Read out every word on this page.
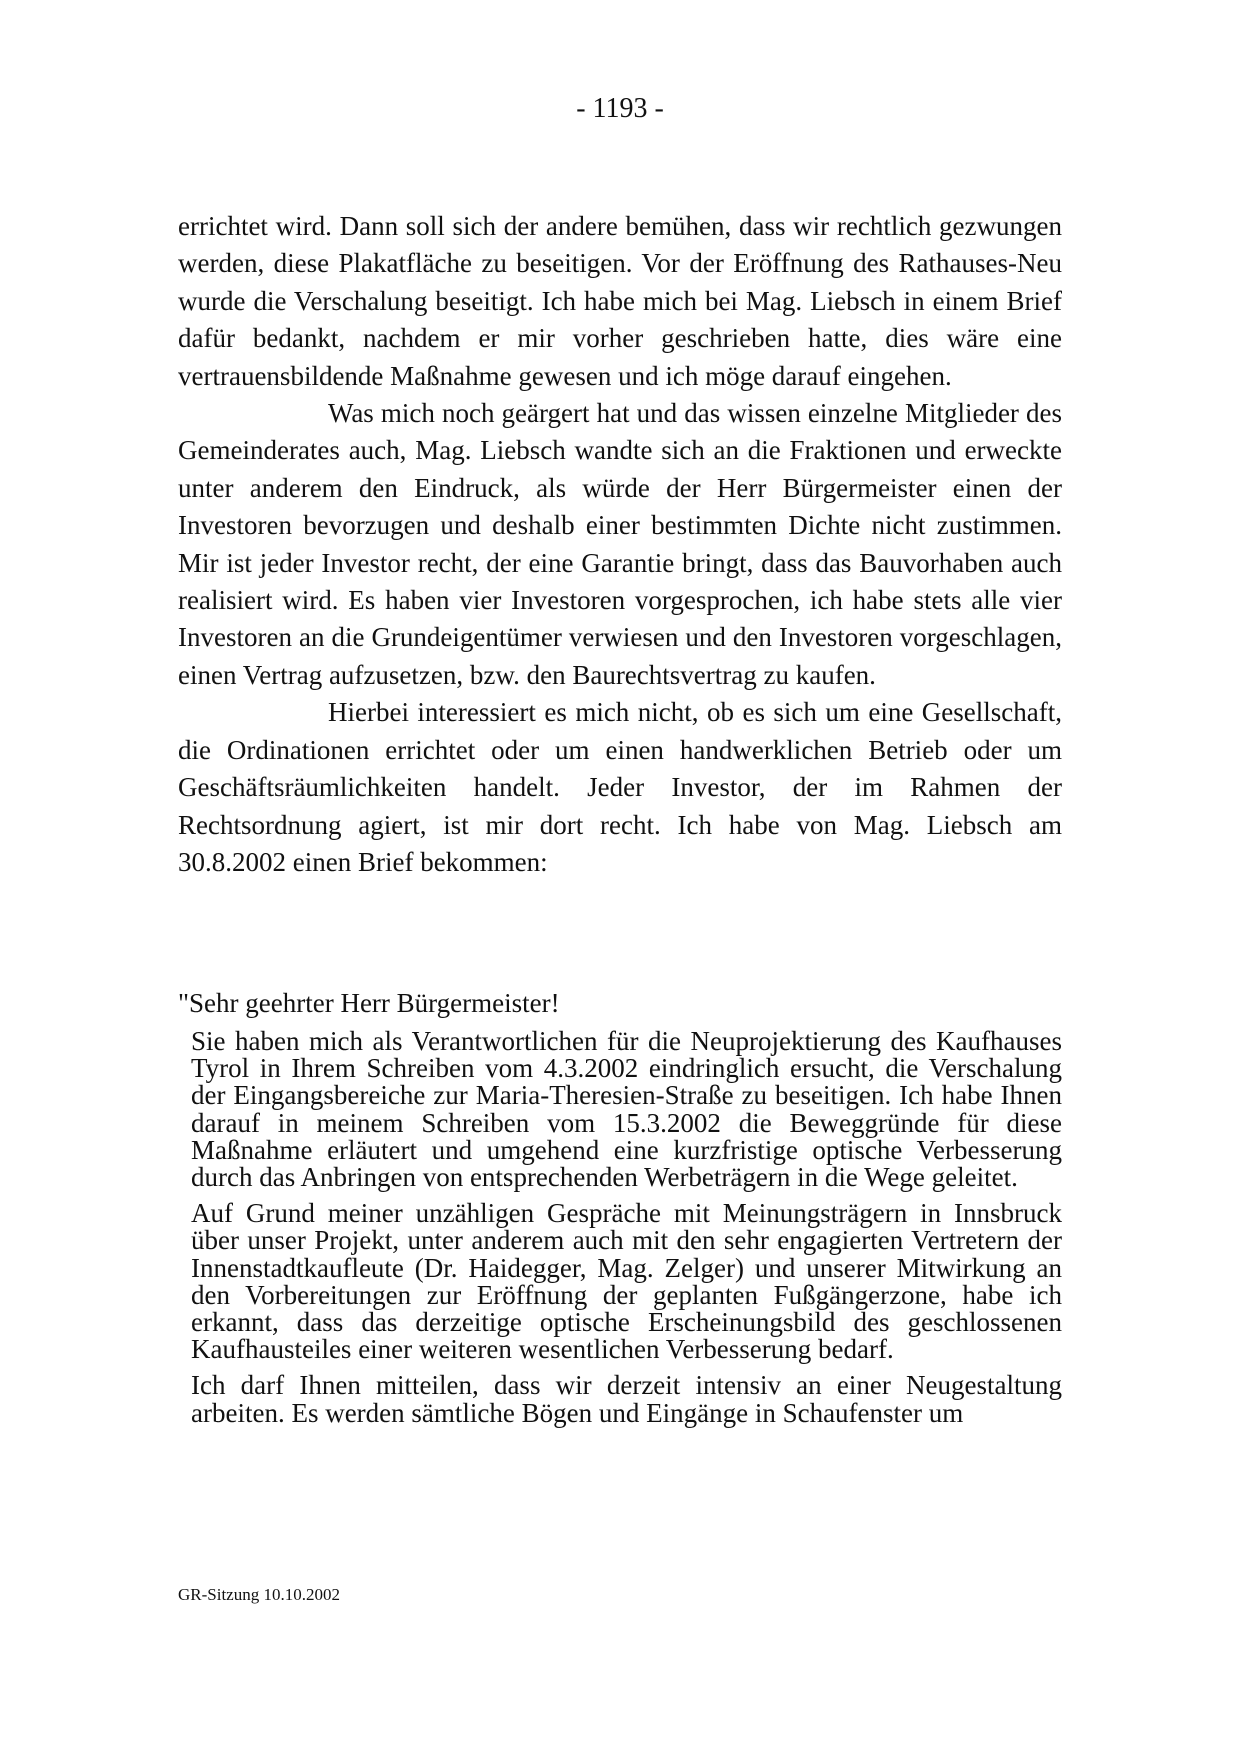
- 1193 -

errichtet wird. Dann soll sich der andere bemühen, dass wir rechtlich gezwungen werden, diese Plakatfläche zu beseitigen. Vor der Eröffnung des Rathauses-Neu wurde die Verschalung beseitigt. Ich habe mich bei Mag. Liebsch in einem Brief dafür bedankt, nachdem er mir vorher geschrieben hatte, dies wäre eine vertrauensbildende Maßnahme gewesen und ich möge darauf eingehen.

Was mich noch geärgert hat und das wissen einzelne Mitglieder des Gemeinderates auch, Mag. Liebsch wandte sich an die Fraktionen und erweckte unter anderem den Eindruck, als würde der Herr Bürgermeister einen der Investoren bevorzugen und deshalb einer bestimmten Dichte nicht zustimmen. Mir ist jeder Investor recht, der eine Garantie bringt, dass das Bauvorhaben auch realisiert wird. Es haben vier Investoren vorgesprochen, ich habe stets alle vier Investoren an die Grundeigentümer verwiesen und den Investoren vorgeschlagen, einen Vertrag aufzusetzen, bzw. den Baurechtsvertrag zu kaufen.

Hierbei interessiert es mich nicht, ob es sich um eine Gesellschaft, die Ordinationen errichtet oder um einen handwerklichen Betrieb oder um Geschäftsräumlichkeiten handelt. Jeder Investor, der im Rahmen der Rechtsordnung agiert, ist mir dort recht. Ich habe von Mag. Liebsch am 30.8.2002 einen Brief bekommen:

"Sehr geehrter Herr Bürgermeister!

Sie haben mich als Verantwortlichen für die Neuprojektierung des Kaufhauses Tyrol in Ihrem Schreiben vom 4.3.2002 eindringlich ersucht, die Verschalung der Eingangsbereiche zur Maria-Theresien-Straße zu beseitigen. Ich habe Ihnen darauf in meinem Schreiben vom 15.3.2002 die Beweggründe für diese Maßnahme erläutert und umgehend eine kurzfristige optische Verbesserung durch das Anbringen von entsprechenden Werbeträgern in die Wege geleitet.

Auf Grund meiner unzähligen Gespräche mit Meinungsträgern in Innsbruck über unser Projekt, unter anderem auch mit den sehr engagierten Vertretern der Innenstadtkaufleute (Dr. Haidegger, Mag. Zelger) und unserer Mitwirkung an den Vorbereitungen zur Eröffnung der geplanten Fußgängerzone, habe ich erkannt, dass das derzeitige optische Erscheinungsbild des geschlossenen Kaufhausteiles einer weiteren wesentlichen Verbesserung bedarf.

Ich darf Ihnen mitteilen, dass wir derzeit intensiv an einer Neugestaltung arbeiten. Es werden sämtliche Bögen und Eingänge in Schaufenster um

GR-Sitzung 10.10.2002
